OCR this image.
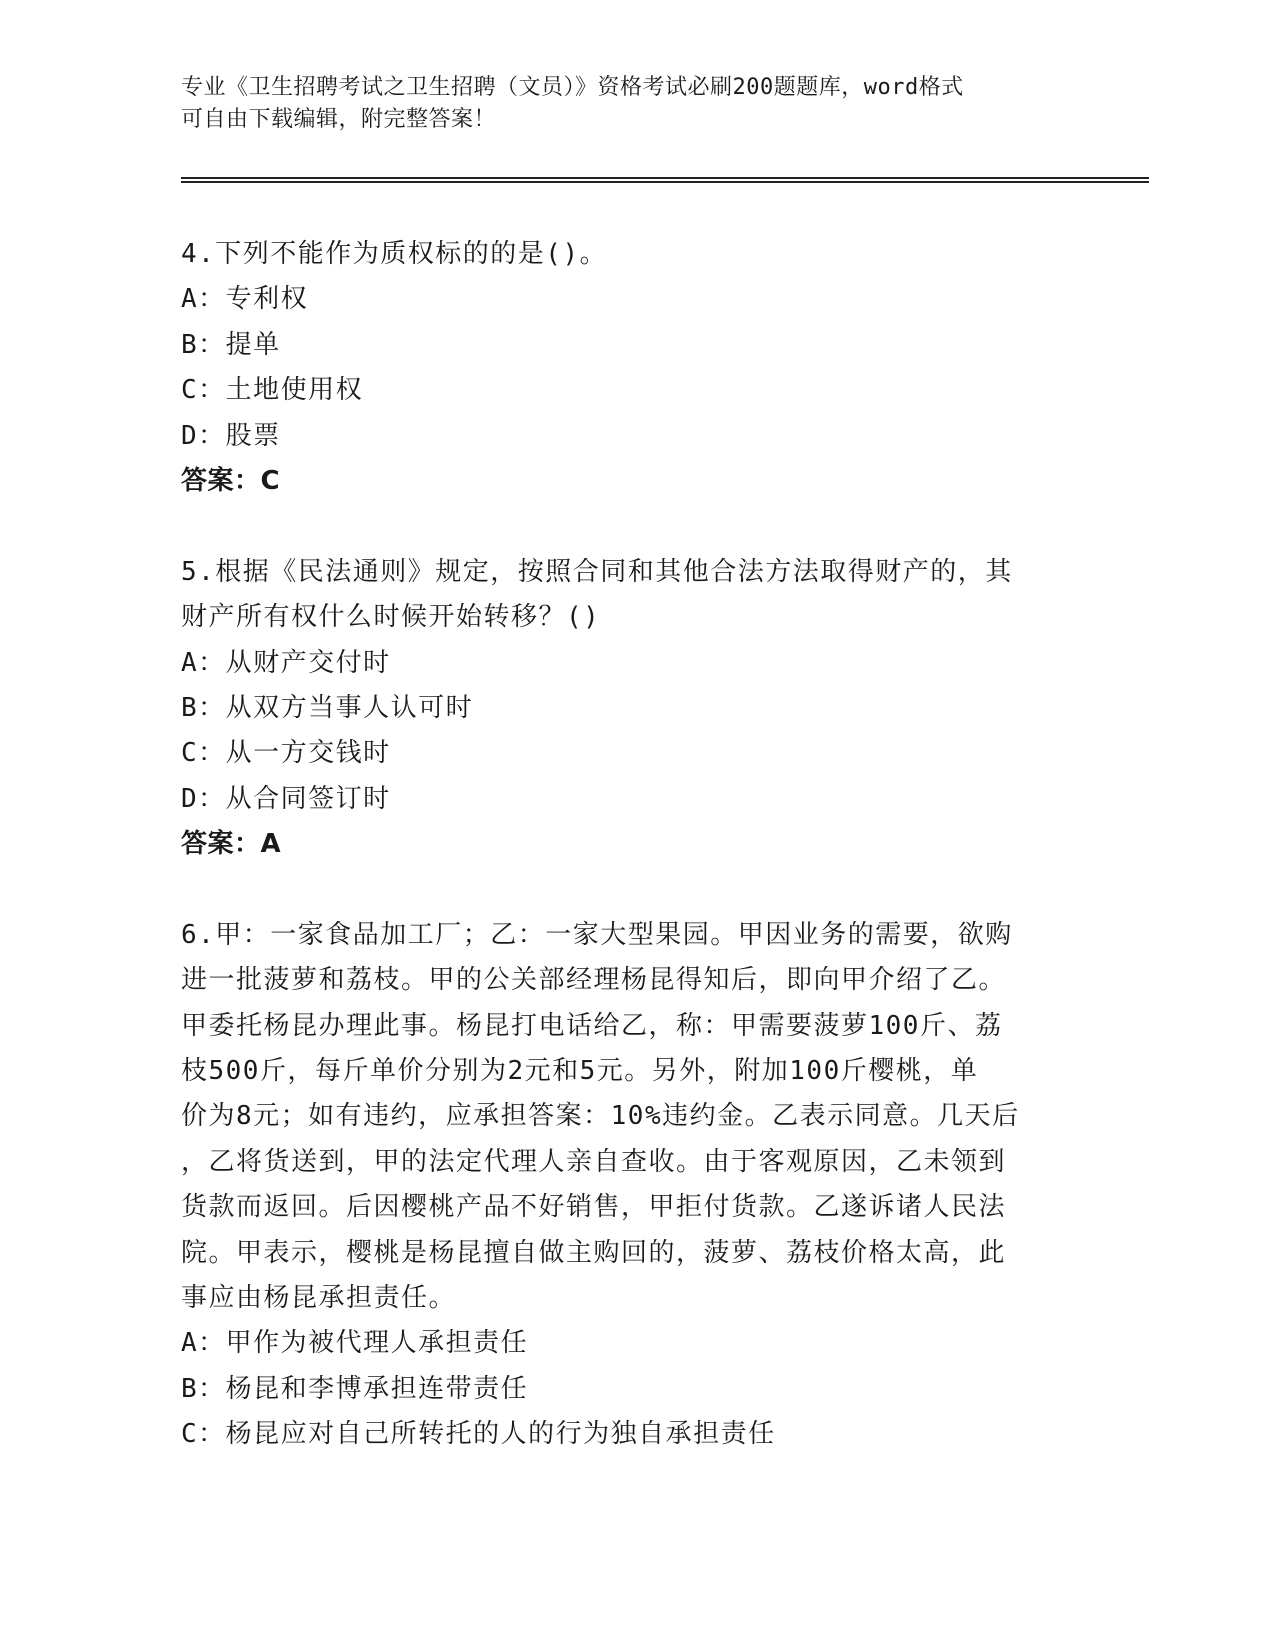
专业《卫生招聘考试之卫生招聘（文员）》资格考试必刷200题题库，word格式
可自由下载编辑，附完整答案！
4.下列不能作为质权标的的是()。
A：专利权
B：提单
C：土地使用权
D：股票
答案：C
5.根据《民法通则》规定，按照合同和其他合法方法取得财产的，其
财产所有权什么时候开始转移？()
A：从财产交付时
B：从双方当事人认可时
C：从一方交钱时
D：从合同签订时
答案：A
6.甲：一家食品加工厂；乙：一家大型果园。甲因业务的需要，欲购
进一批菠萝和荔枝。甲的公关部经理杨昆得知后，即向甲介绍了乙。
甲委托杨昆办理此事。杨昆打电话给乙，称：甲需要菠萝100斤、荔
枝500斤，每斤单价分别为2元和5元。另外，附加100斤樱桃，单
价为8元；如有违约，应承担答案：10%违约金。乙表示同意。几天后
，乙将货送到，甲的法定代理人亲自查收。由于客观原因，乙未领到
货款而返回。后因樱桃产品不好销售，甲拒付货款。乙遂诉诸人民法
院。甲表示，樱桃是杨昆擅自做主购回的，菠萝、荔枝价格太高，此
事应由杨昆承担责任。
A：甲作为被代理人承担责任
B：杨昆和李博承担连带责任
C：杨昆应对自己所转托的人的行为独自承担责任
